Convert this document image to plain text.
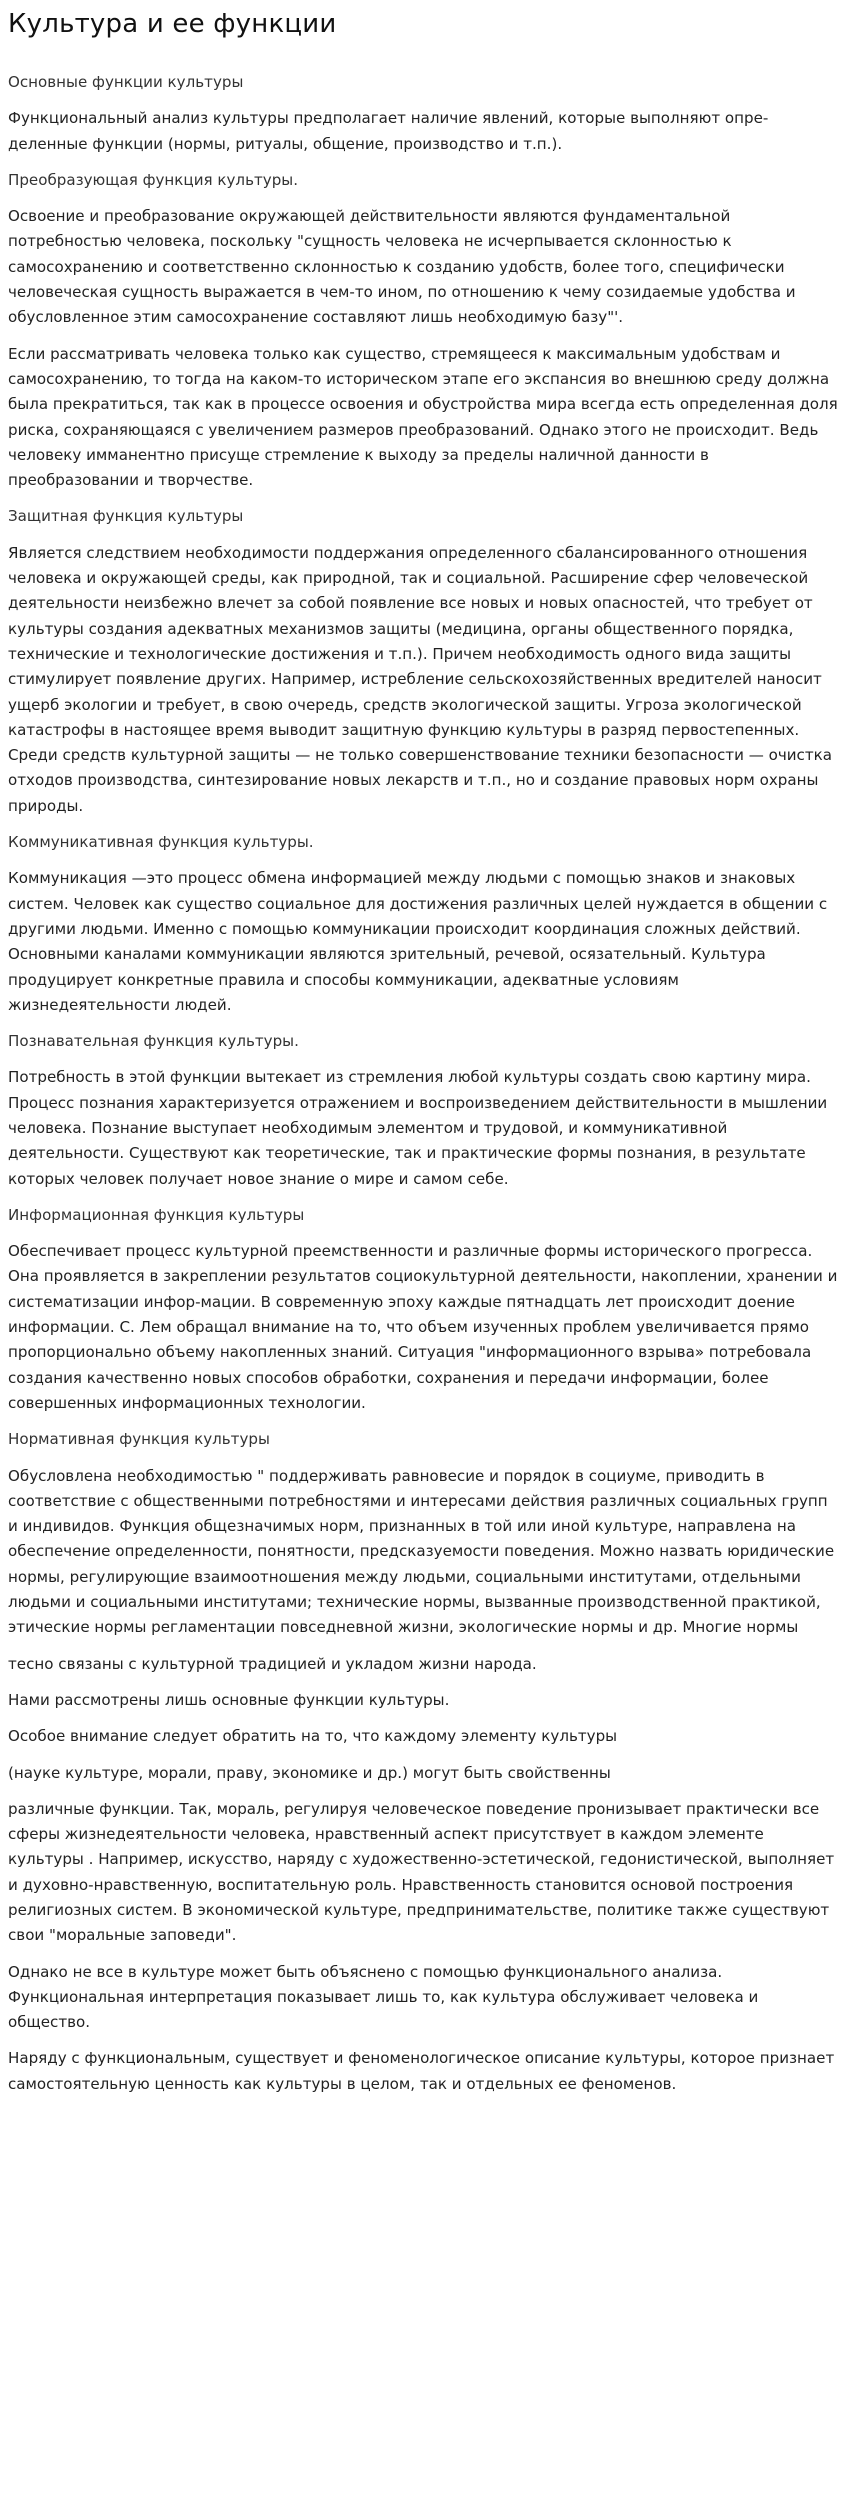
Культура и ее функции

Основные функции культуры

Функциональный анализ культуры предполагает наличие явлений, которые выполняют определенные функции (нормы, ритуалы, общение, производство и т.п.).

Преобразующая функция культуры.

Освоение и преобразование окружающей действительности являются фундаментальной потребностью человека, поскольку "сущность человека не исчерпывается склонностью к самосохранению и соответственно склонностью к созданию удобств, более того, специфически человеческая сущность выражается в чем-то ином, по отношению к чему созидаемые удобства и обусловленное этим самосохранение составляют лишь необходимую базу"'.

Если рассматривать человека только как существо, стремящееся к максимальным удобствам и самосохранению, то тогда на каком-то историческом этапе его экспансия во внешнюю среду должна была прекратиться, так как в процессе освоения и обустройства мира всегда есть определенная доля риска, сохраняющаяся с увеличением размеров преобразований. Однако этого не происходит. Ведь человеку имманентно присуще стремление к выходу за пределы наличной данности в преобразовании и творчестве.

Защитная функция культуры

Является следствием необходимости поддержания определенного сбалансированного отношения человека и окружающей среды, как природной, так и социальной. Расширение сфер человеческой деятельности неизбежно влечет за собой появление все новых и новых опасностей, что требует от культуры создания адекватных механизмов защиты (медицина, органы общественного порядка, технические и технологические достижения и т.п.). Причем необходимость одного вида защиты стимулирует появление других. Например, истребление сельскохозяйственных вредителей наносит ущерб экологии и требует, в свою очередь, средств экологической защиты. Угроза экологической катастрофы в настоящее время выводит защитную функцию культуры в разряд первостепенных. Среди средств культурной защиты — не только совершенствование техники безопасности — очистка отходов производства, синтезирование новых лекарств и т.п., но и создание правовых норм охраны природы.

Коммуникативная функция культуры.

Коммуникация —это процесс обмена информацией между людьми с помощью знаков и знаковых систем. Человек как существо социальное для достижения различных целей нуждается в общении с другими людьми. Именно с помощью коммуникации происходит координация сложных действий. Основными каналами коммуникации являются зрительный, речевой, осязательный. Культура продуцирует конкретные правила и способы коммуникации, адекватные условиям жизнедеятельности людей.

Познавательная функция культуры.

Потребность в этой функции вытекает из стремления любой культуры создать свою картину мира. Процесс познания характеризуется отражением и воспроизведением действительности в мышлении человека. Познание выступает необходимым элементом и трудовой, и коммуникативной деятельности. Существуют как теоретические, так и практические формы познания, в результате которых человек получает новое знание о мире и самом себе.

Информационная функция культуры

Обеспечивает процесс культурной преемственности и различные формы исторического прогресса. Она проявляется в закреплении результатов социокультурной деятельности, накоплении, хранении и систематизации инфор-мации. В современную эпоху каждые пятнадцать лет происходит доение информации. С. Лем обращал внимание на то, что объем изученных проблем увеличивается прямо пропорционально объему накопленных знаний. Ситуация "информационного взрыва» потребовала создания качественно новых способов обработки, сохранения и передачи информации, более совершенных информационных технологии.

Нормативная функция культуры

Обусловлена необходимостью " поддерживать равновесие и порядок в социуме, приводить в соответствие с общественными потребностями и интересами действия различных социальных групп и индивидов. Функция общезначимых норм, признанных в той или иной культуре, направлена на обеспечение определенности, понятности, предсказуемости поведения. Можно назвать юридические нормы, регулирующие взаимоотношения между людьми, социальными институтами, отдельными людьми и социальными институтами; технические нормы, вызванные производственной практикой, этические нормы регламентации повседневной жизни, экологические нормы и др. Многие нормы

тесно связаны с культурной традицией и укладом жизни народа.

Нами рассмотрены лишь основные функции культуры.

Особое внимание следует обратить на то, что каждому элементу культуры

(науке культуре, морали, праву, экономике и др.) могут быть свойственны

различные функции. Так, мораль, регулируя человеческое поведение пронизывает практически все сферы жизнедеятельности человека, нравственный аспект присутствует в каждом элементе культуры . Например, искусство, наряду с художественно-эстетической, гедонистической, выполняет и духовно-нравственную, воспитательную роль. Нравственность становится основой построения религиозных систем. В экономической культуре, предпринимательстве, политике также существуют свои "моральные заповеди".

Однако не все в культуре может быть объяснено с помощью функционального анализа. Функциональная интерпретация показывает лишь то, как культура обслуживает человека и общество.

Наряду с функциональным, существует и феноменологическое описание культуры, которое признает самостоятельную ценность как культуры в целом, так и отдельных ее феноменов.
